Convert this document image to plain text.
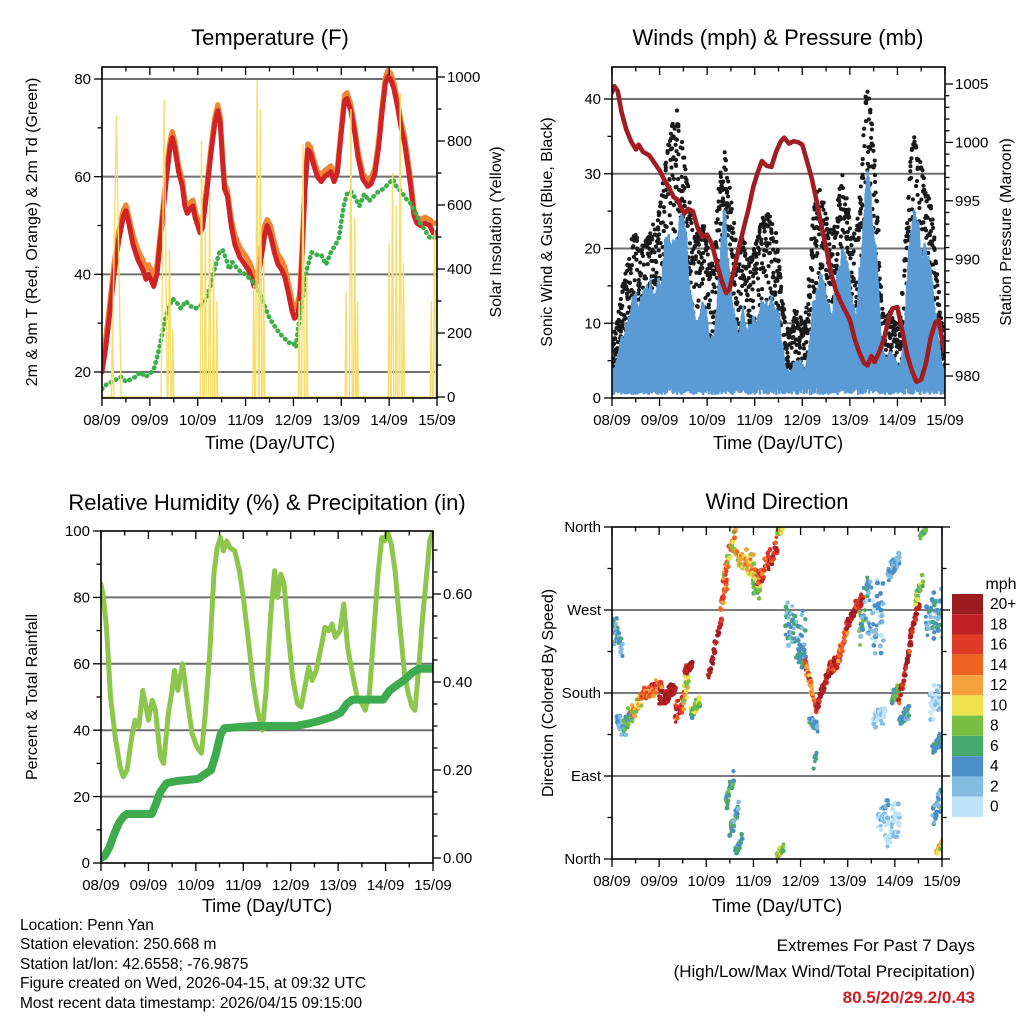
08/09 09/09 10/09 11/09 12/09 13/09 14/09 15/09
20
40
60
80
0
200
400
600
800
1000
08/09 09/09 10/09 11/09 12/09 13/09 14/09 15/09
0
10
20
30
40
980
985
990
995
1000
1005
08/09 09/09 10/09 11/09 12/09 13/09 14/09 15/09
0
20
40
60
80
100
0.00
0.20
0.40
0.60
08/09 09/09 10/09 11/09 12/09 13/09 14/09 15/09
North
West
South
East
North
mph
20+
18
16
14
12
10
8
6
4
2
0
Temperature (F)	Winds (mph) & Pressure (mb)
Relative Humidity (%) & Precipitation (in)	Wind Direction
2m & 9m T (Red, Orange) & 2m Td (Green)	Solar Insolation (Yellow) Sonic Wind & Gust (Blue, Black)	Station Pressure (Maroon)
Percent & Total Rainfall	Direction (Colored By Speed)
Time (Day/UTC)	Time (Day/UTC)
Time (Day/UTC)	Time (Day/UTC)
Location: Penn Yan
Station elevation: 250.668 m
Station lat/lon: 42.6558; -76.9875
Figure created on Wed, 2026-04-15, at 09:32 UTC
Most recent data timestamp: 2026/04/15 09:15:00
Extremes For Past 7 Days
(High/Low/Max Wind/Total Precipitation)
80.5/20/29.2/0.43
